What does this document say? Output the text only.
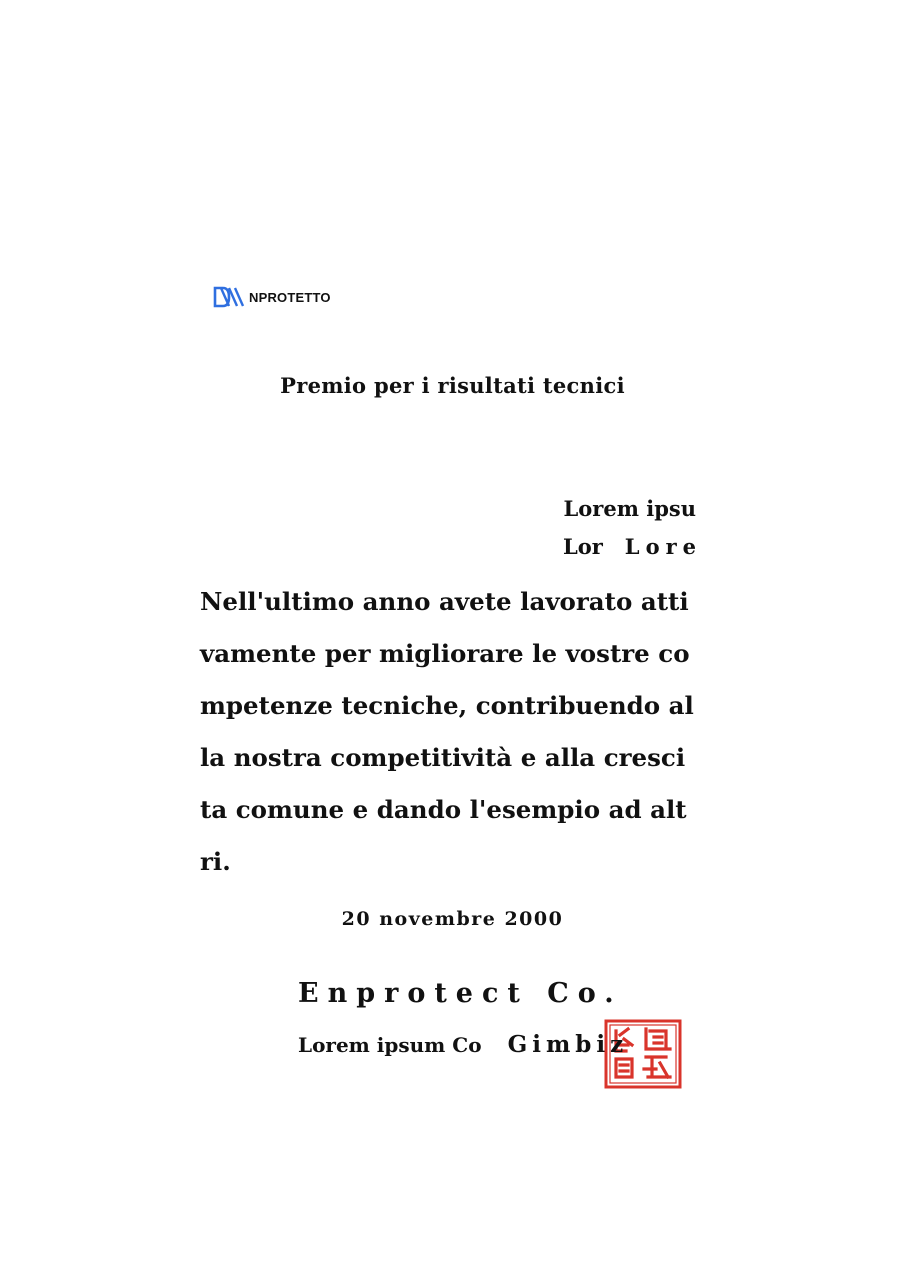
NPROTETTO
Premio per i risultati tecnici
Lorem ipsu
Lor Lore
Nell'ultimo anno avete lavorato atti
vamente per migliorare le vostre co
mpetenze tecniche, contribuendo al
la nostra competitività e alla cresci
ta comune e dando l'esempio ad alt
ri.
20 novembre 2000
Enprotect Co.
Lorem ipsum Co Gimbiz
